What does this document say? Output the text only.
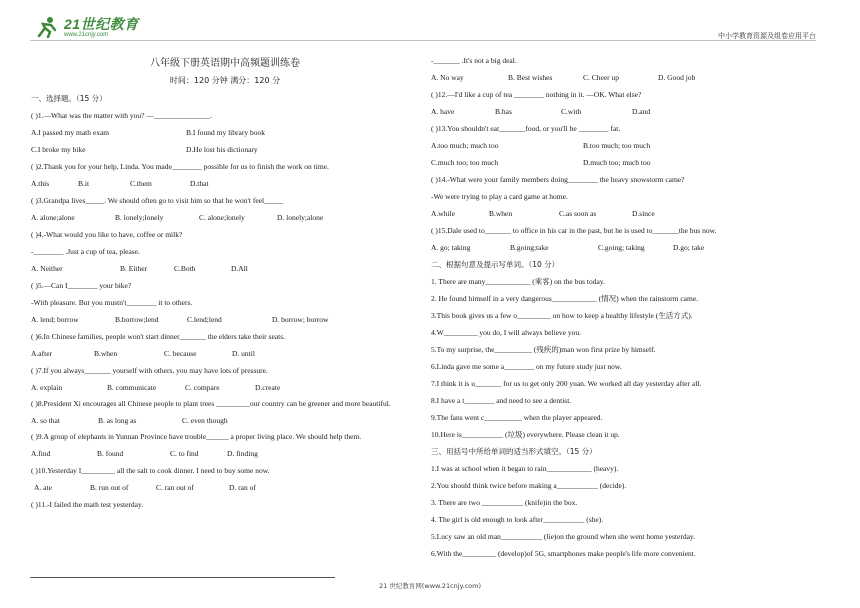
21世纪教育
www.21cnjy.com	中小学教育资源及组卷应用平台
八年级下册英语期中高频题训练卷
时间：120 分钟 满分：120 分
一、选择题。（15 分）
( )1.—What was the matter with you? —_______________.
A.I passed my math exam	B.I found my library book
C.I broke my bike	D.He lost his dictionary
( )2.Thank you for your help, Linda. You made________ possible for us to finish the work on time.
A.this	B.it	C.them	D.that
( )3.Grandpa lives_____. We should often go to visit him so that he won't feel_____
A. alone;alone	B. lonely;lonely	C. alone;lonely	D. lonely;alone
( )4.-What would you like to have, coffee or milk?
-________ .Just a cup of tea, please.
A. Neither	B. Either	C.Both	D.All
( )5.—Can I________ your bike?
-With pleasure. But you mustn't________ it to others.
A. lend; borrow	B.borrow;lend	C.lend;lend	D. borrow; borrow
( )6.In Chinese families, people won't start dinner_______ the elders take their seats.
A.after	B.when	C. because	D. until
( )7.If you always_______ yourself with others, you may have lots of pressure.
A. explain	B. communicate	C. compare	D.create
( )8.President Xi encourages all Chinese people to plant trees _________our country can be greener and more beautiful.
A. so that	B. as long as	C. even though
( )9.A group of elephants in Yunnan Province have trouble______ a proper living place. We should help them.
A.find	B. found	C. to find	D. finding
( )10.Yesterday I_________ all the salt to cook dinner. I need to buy some now.
A. ate	B. run out of	C. ran out of	D. ran of
( )11.-I failed the math test yesterday.
-_______ .It's not a big deal.
A. No way	B. Best wishes	C. Cheer up	D. Good job
( )12.—I'd like a cup of tea ________ nothing in it. —OK. What else?
A. have	B.has	C.with	D.and
( )13.You shouldn't eat_______food, or you'll be ________ fat.
A.too much; much too	B.too much; too much
C.much too; too much	D.much too; much too
( )14.-What were your family members doing________ the heavy snowstorm came?
-We were trying to play a card game at home.
A.while	B.when	C.as soon as	D.since
( )15.Dale used to_______ to office in his car in the past, but he is used to_______the bus now.
A. go; taking	B.going;take	C.going; taking	D.go; take
二、根据句意及提示写单词。（10 分）
1. There are many____________ (乘客) on the bus today.
2. He found himself in a very dangerous____________ (情况) when the rainstorm came.
3.This book gives us a few o_________ on how to keep a healthy lifestyle (生活方式).
4.W_________ you do, I will always believe you.
5.To my surprise, the__________ (残疾的)man won first prize by himself.
6.Linda gave me some a________ on my future study just now.
7.I think it is u_______ for us to get only 200 yuan. We worked all day yesterday after all.
8.I have a t________ and need to see a dentist.
9.The fans went c__________ when the player appeared.
10.Here is___________ (垃圾) everywhere. Please clean it up.
三、用括号中所给单词的适当形式填空。（15 分）
1.I was at school when it began to rain____________ (heavy).
2.You should think twice before making a___________ (decide).
3. There are two ___________ (knife)in the box.
4. The girl is old enough to look after___________ (she).
5.Lucy saw an old man___________ (lie)on the ground when she went home yesterday.
6.With the_________ (develop)of 5G, smartphones make people's life more convenient.
21 世纪教育网(www.21cnjy.com)
